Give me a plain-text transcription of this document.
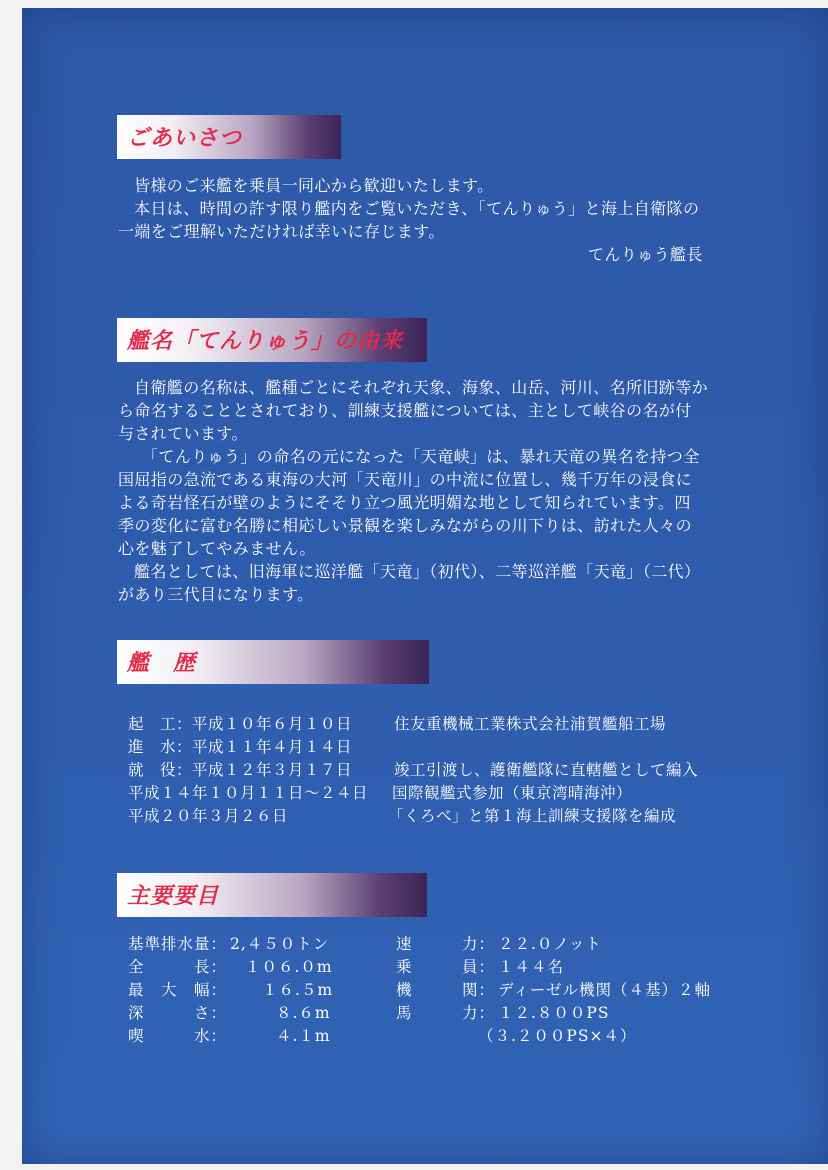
ごあいさつ
皆様のご来艦を乗員一同心から歓迎いたします。
本日は、時間の許す限り艦内をご覧いただき、「てんりゅう」と海上自衛隊の
一端をご理解いただければ幸いに存じます。
てんりゅう艦長
艦名「てんりゅう」の由来
自衛艦の名称は、艦種ごとにそれぞれ天象、海象、山岳、河川、名所旧跡等か
ら命名することとされており、訓練支援艦については、主として峡谷の名が付
与されています。
「てんりゅう」の命名の元になった「天竜峡」は、暴れ天竜の異名を持つ全
国屈指の急流である東海の大河「天竜川」の中流に位置し、幾千万年の浸食に
よる奇岩怪石が壁のようにそそり立つ風光明媚な地として知られています。四
季の変化に富む名勝に相応しい景観を楽しみながらの川下りは、訪れた人々の
心を魅了してやみません。
艦名としては、旧海軍に巡洋艦「天竜」（初代）、二等巡洋艦「天竜」（二代）
があり三代目になります。
艦　歴
起　工：平成１０年６月１０日	住友重機械工業株式会社浦賀艦船工場
進　水：平成１１年４月１４日
就　役：平成１２年３月１７日	竣工引渡し、護衛艦隊に直轄艦として編入
平成１４年１０月１１日～２４日 国際観艦式参加（東京湾晴海沖）
平成２０年３月２６日	「くろべ」と第１海上訓練支援隊を編成
主要要目
基準排水量： 2,４５０トン
全　　　長： １０６.０m
最　大　幅： １６.５m
深　　　さ：	８.６m
喫　　　水：	４.１m
速　　　力： ２２.０ノット
乗　　　員： １４４名
機　　　関： ディーゼル機関（４基）２軸
馬　　　力： １２.８００PS
（３.２００PS×４）
